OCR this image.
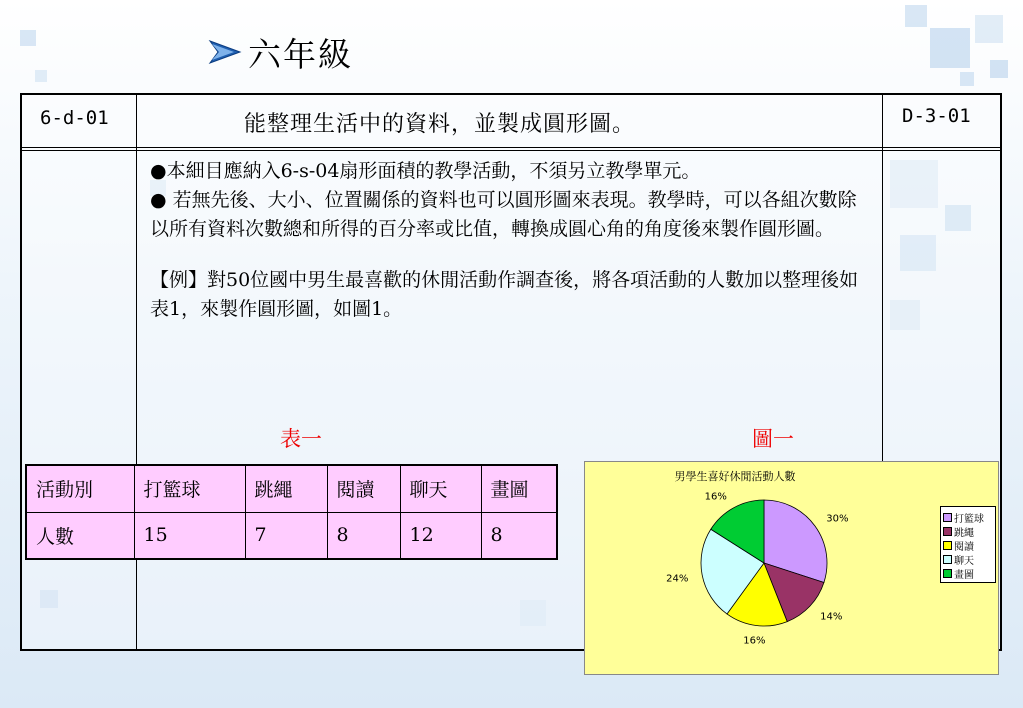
六年級
6-d-01	能整理生活中的資料，並製成圓形圖。	D-3-01

●本細目應納入6-s-04扇形面積的教學活動，不須另立教學單元。

● 若無先後、大小、位置關係的資料也可以圓形圖來表現。教學時，可以各組次數除以所有資料次數總和所得的百分率或比值，轉換成圓心角的角度後來製作圓形圖。

【例】對50位國中男生最喜歡的休閒活動作調查後，將各項活動的人數加以整理後如表1，來製作圓形圖，如圖1。

表一	圖一
活動別	打籃球	跳繩	閱讀	聊天	畫圖
人數	15	7	8	12	8
男學生喜好休閒活動人數
30%
14%
16%
24%
16%
打籃球
跳繩
閱讀
聊天
畫圖
